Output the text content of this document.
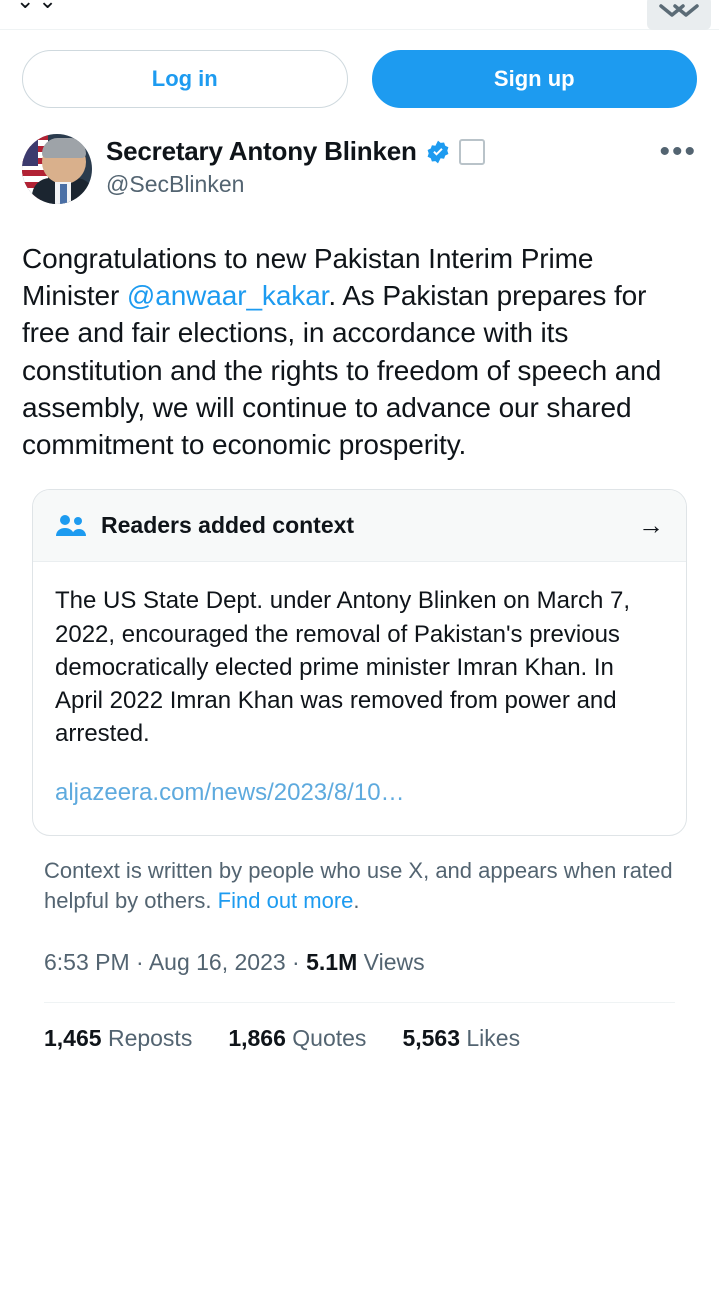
⌄⌄
Log in	Sign up
Secretary Antony Blinken
@SecBlinken
•••
Congratulations to new Pakistan Interim Prime Minister @anwaar_kakar. As Pakistan prepares for free and fair elections, in accordance with its constitution and the rights to freedom of speech and assembly, we will continue to advance our shared commitment to economic prosperity.
Readers added context	→
The US State Dept. under Antony Blinken on March 7, 2022, encouraged the removal of Pakistan's previous democratically elected prime minister Imran Khan. In April 2022 Imran Khan was removed from power and arrested.
aljazeera.com/news/2023/8/10…
Context is written by people who use X, and appears when rated helpful by others. Find out more.
6:53 PM · Aug 16, 2023 · 5.1M Views
1,465 Reposts 1,866 Quotes 5,563 Likes
